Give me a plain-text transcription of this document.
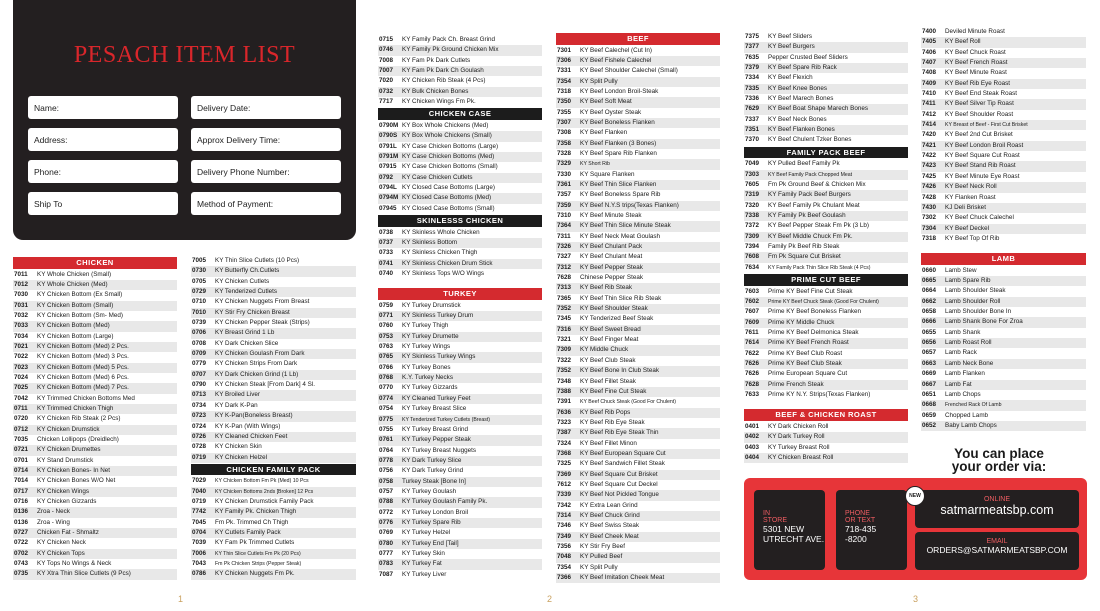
PESACH ITEM LIST
Name:
Address:
Phone:
Ship To
Delivery Date:
Approx Delivery Time:
Delivery Phone Number:
Method of Payment:
CHICKEN
7011	KY Whole Chicken (Small)
7012	KY Whole Chicken (Med)
7030	KY Chicken Bottom (Ex Small)
7031	KY Chicken Bottom (Small)
7032	KY Chicken Bottom (Sm- Med)
7033	KY Chicken Bottom (Med)
7034	KY Chicken Bottom (Large)
7021	KY Chicken Bottom (Med) 2 Pcs.
7022	KY Chicken Bottom (Med) 3 Pcs.
7023	KY Chicken Bottom (Med) 5 Pcs.
7024	KY Chicken Bottom (Med) 6 Pcs.
7025	KY Chicken Bottom (Med) 7 Pcs.
7042	KY Trimmed Chicken Bottoms Med
0711	KY Trimmed Chicken Thigh
0720	KY Chicken Rib Steak (2 Pcs)
0712	KY Chicken Drumstick
7035	Chicken Lollipops (Dreidlech)
0721	KY Chicken Drumettes
0701	KY Stand Drumstick
0714	KY Chicken Bones- In Net
7014	KY Chicken Bones W/O Net
0717	KY Chicken Wings
0716	KY Chicken Gizzards
0136	Zroa - Neck
0136	Zroa - Wing
0727	Chicken Fat - Shmaltz
0722	KY Chicken Neck
0702	KY Chicken Tops
0743	KY Tops No Wings & Neck
0735	KY Xtra Thin Slice Cutlets (9 Pcs)
7005	KY Thin Slice Cutlets (10 Pcs)
0730	KY Butterfly Ch.Cutlets
0705	KY Chicken Cutlets
0729	KY Tenderized Cutlets
0710	KY Chicken Nuggets From Breast
7010	KY Stir Fry Chicken Breast
0739	KY Chicken Pepper Steak (Strips)
0706	KY Breast Grind 1 Lb
0708	KY Dark Chicken Slice
0709	KY Chicken Goulash From Dark
0779	KY Chicken Strips From Dark
0707	KY Dark Chicken Grind (1 Lb)
0790	KY Chicken Steak [From Dark] 4 Sl.
0713	KY Broiled Liver
0734	KY Dark K-Pan
0723	KY K-Pan(Boneless Breast)
0724	KY K-Pan (With Wings)
0726	KY Cleaned Chicken Feet
0728	KY Chicken Skin
0719	KY Chicken Helzel
CHICKEN FAMILY PACK
7029	KY Chicken Bottom Fm Pk (Med) 10 Pcs
7040	KY Chicken Bottoms 2nds [Broken] 12 Pcs
0719	KY Chicken Drumstick Family Pack
7742	KY Family Pk. Chicken Thigh
7045	Fm Pk. Trimmed Ch Thigh
0704	KY Cutlets Family Pack
7039	KY Fam Pk Trimmed Cutlets
7006	KY Thin Slice Cutlets Fm Pk (20 Pcs)
7043	Fm Pk Chicken Strips (Pepper Steak)
0786	KY Chicken Nuggets Fm Pk.
0715	KY Family Pack Ch. Breast Grind
0746	KY Family Pk Ground Chicken Mix
7008	KY Fam Pk Dark Cutlets
7007	KY Fam Pk Dark Ch Goulash
7020	KY Chicken Rib Steak (4 Pcs)
0732	KY Bulk Chicken Bones
7717	KY Chicken Wings Fm Pk.
CHICKEN CASE
0790M KY Box Whole Chickens (Med)
0790S KY Box Whole Chickens (Small)
0791L KY Case Chicken Bottoms (Large)
0791M KY Case Chicken Bottoms (Med)
07915 KY Case Chicken Bottoms (Small)
0792	KY Case Chicken Cutlets
0794L KY Closed Case Bottoms (Large)
0794M KY Closed Case Bottoms (Med)
07945 KY Closed Case Bottoms (Small)
SKINLESSS CHICKEN
0738	KY Skinless Whole Chicken
0737	KY Skinless Bottom
0733	KY Skinless Chicken Thigh
0741	KY Skinless Chicken Drum Stick
0740	KY Skinless Tops W/O Wings
TURKEY
0759	KY Turkey Drumstick
0771	KY Skinless Turkey Drum
0760	KY Turkey Thigh
0753	KY Turkey Drumette
0763	KY Turkey Wings
0765	KY Skinless Turkey Wings
0766	KY Turkey Bones
0768	K.Y. Turkey Necks
0770	KY Turkey Gizzards
0774	KY Cleaned Turkey Feet
0754	KY Turkey Breast Slice
0775	KY Tenderized Turkey Cutlets (Breast)
0755	KY Turkey Breast Grind
0761	KY Turkey Pepper Steak
0764	KY Turkey Breast Nuggets
0778	KY Dark Turkey Slice
0756	KY Dark Turkey Grind
0758	Turkey Steak [Bone In]
0757	KY Turkey Goulash
0788	KY Turkey Goulash Family Pk.
0772	KY Turkey London Broil
0776	KY Turkey Spare Rib
0769	KY Turkey Helzel
0780	KY Turkey End [Tail]
0777	KY Turkey Skin
0783	KY Turkey Fat
7087	KY Turkey Liver
BEEF
7301	KY Beef Calechel (Cut In)
7306	KY Beef Fishele Calechel
7331	KY Beef Shoulder Calechel (Small)
7354	KY Split Pully
7318	KY Beef London Broil-Steak
7350	KY Beef Soft Meat
7355	KY Beef Oyster Steak
7307	KY Beef Boneless Flanken
7308	KY Beef Flanken
7358	KY Beef Flanken (3 Bones)
7328	KY Beef Spare Rib Flanken
7329	KY Short Rib
7330	KY Square Flanken
7361	KY Beef Thin Slice Flanken
7357	KY Beef Boneless Spare Rib
7359	KY Beef N.Y.S trips(Texas Flanken)
7310	KY Beef Minute Steak
7364	KY Beef Thin Slice Minute Steak
7311	KY Beef Neck Meat Goulash
7326	KY Beef Chulant Pack
7327	KY Beef Chulant Meat
7312	KY Beef Pepper Steak
7628	Chinese Pepper Steak
7313	KY Beef Rib Steak
7365	KY Beef Thin Slice Rib Steak
7352	KY Beef Shoulder Steak
7345	KY Tenderized Beef Steak
7316	KY Beef Sweet Bread
7321	KY Beef Finger Meat
7309	KY Middle Chuck
7322	KY Beef Club Steak
7352	KY Beef Bone In Club Steak
7348	KY Beef Fillet Steak
7388	KY Beef Fine Cut Steak
7391	KY Beef Chuck Steak (Good For Chulent)
7636	KY Beef Rib Pops
7323	KY Beef Rib Eye Steak
7387	KY Beef Rib Eye Steak Thin
7324	KY Beef Fillet Minon
7368	KY Beef European Square Cut
7325	KY Beef Sandwich Fillet Steak
7369	KY Beef Square Cut Brisket
7612	KY Beef Square Cut Deckel
7339	KY Beef Not Pickled Tongue
7342	KY Extra Lean Grind
7314	KY Beef Chuck Grind
7346	KY Beef Swiss Steak
7349	KY Beef Cheek Meat
7356	KY Stir Fry Beef
7048	KY Pulled Beef
7354	KY Split Pully
7366	KY Beef Imitation Cheek Meat
7375	KY Beef Sliders
7377	KY Beef Burgers
7635	Pepper Crusted Beef Sliders
7379	KY Beef Spare Rib Rack
7334	KY Beef Flexich
7335	KY Beef Knee Bones
7336	KY Beef Marech Bones
7629	KY Beef Boat Shape Marech Bones
7337	KY Beef Neck Bones
7351	KY Beef Flanken Bones
7370	KY Beef Chulent Tzker Bones
FAMILY PACK BEEF
7049	KY Pulled Beef Family Pk
7303	KY Beef Family Pack Chopped Meat
7605	Fm Pk Ground Beef & Chicken Mix
7319	KY Family Pack Beef Burgers
7320	KY Beef Family Pk Chulant Meat
7338	KY Family Pk Beef Goulash
7372	KY Beef Pepper Steak Fm Pk (3 Lb)
7309	KY Beef Middle Chuck Fm Pk.
7394	Family Pk Beef Rib Steak
7608	Fm Pk Square Cut Brisket
7634	KY Family Pack Thin Slice Rib Steak (4 Pcs)
PRIME CUT BEEF
7603	Prime KY Beef Fine Cut Steak
7602	Prime KY Beef Chuck Steak (Good For Chulent)
7607	Prime KY Beef Boneless Flanken
7609	Prime KY Middle Chuck
7611	Prime KY Beef Delmonica Steak
7614	Prime KY Beef French Roast
7622	Prime KY Beef Club Roast
7626	Prime KY Beef Club Steak
7626	Prime European Square Cut
7628	Prime French Steak
7633	Prime KY N.Y. Strips(Texas Flanken)
BEEF & CHICKEN ROAST
0401	KY Dark Chicken Roll
0402	KY Dark Turkey Roll
0403	KY Turkey Breast Roll
0404	KY Chicken Breast Roll
7400	Deviled Minute Roast
7405	KY Beef Roll
7406	KY Beef Chuck Roast
7407	KY Beef French Roast
7408	KY Beef Minute Roast
7409	KY Beef Rib Eye Roast
7410	KY Beef End Steak Roast
7411	KY Beef Silver Tip Roast
7412	KY Beef Shoulder Roast
7414	KY Breast of Beef - First Cut Brisket
7420	KY Beef 2nd Cut Brisket
7421	KY Beef London Broil Roast
7422	KY Beef Square Cut Roast
7423	KY Beef Stand Rib Roast
7425	KY Beef Minute Eye Roast
7426	KY Beef Neck Roll
7428	KY Flanken Roast
7430	KJ Deli Brisket
7302	KY Beef Chuck Calechel
7304	KY Beef Deckel
7318	KY Beef Top Of Rib
LAMB
0660	Lamb Stew
0665	Lamb Spare Rib
0664	Lamb Shoulder Steak
0662	Lamb Shoulder Roll
0658	Lamb Shoulder Bone In
0666	Lamb Shank Bone For Zroa
0655	Lamb Shank
0656	Lamb Roast Roll
0657	Lamb Rack
0663	Lamb Neck Bone
0669	Lamb Flanken
0667	Lamb Fat
0651	Lamb Chops
0668	Frenched Rack Of Lamb
0659	Chopped Lamb
0652	Baby Lamb Chops
You can place
your order via:
IN
STORE
5301 NEW
UTRECHT AVE.
PHONE
OR TEXT
718-435
-8200
ONLINE
satmarmeatsbp.com
EMAIL
ORDERS@SATMARMEATSBP.COM
NEW
1	2	3
